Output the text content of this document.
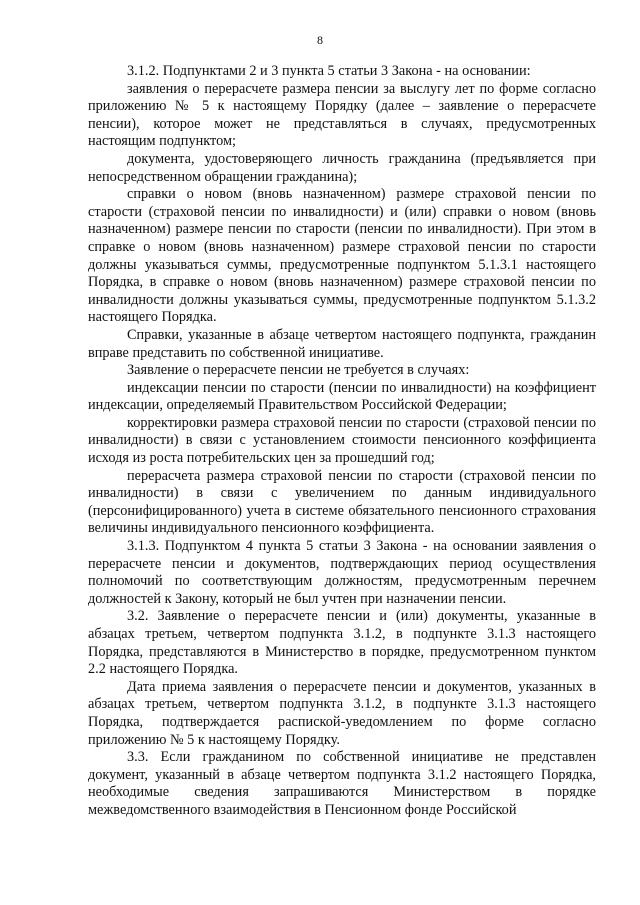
8

3.1.2. Подпунктами 2 и 3 пункта 5 статьи 3 Закона - на основании:

заявления о перерасчете размера пенсии за выслугу лет по форме согласно приложению № 5 к настоящему Порядку (далее – заявление о перерасчете пенсии), которое может не представляться в случаях, предусмотренных настоящим подпунктом;

документа, удостоверяющего личность гражданина (предъявляется при непосредственном обращении гражданина);

справки о новом (вновь назначенном) размере страховой пенсии по старости (страховой пенсии по инвалидности) и (или) справки о новом (вновь назначенном) размере пенсии по старости (пенсии по инвалидности). При этом в справке о новом (вновь назначенном) размере страховой пенсии по старости должны указываться суммы, предусмотренные подпунктом 5.1.3.1 настоящего Порядка, в справке о новом (вновь назначенном) размере страховой пенсии по инвалидности должны указываться суммы, предусмотренные подпунктом 5.1.3.2 настоящего Порядка.

Справки, указанные в абзаце четвертом настоящего подпункта, гражданин вправе представить по собственной инициативе.

Заявление о перерасчете пенсии не требуется в случаях:

индексации пенсии по старости (пенсии по инвалидности) на коэффициент индексации, определяемый Правительством Российской Федерации;

корректировки размера страховой пенсии по старости (страховой пенсии по инвалидности) в связи с установлением стоимости пенсионного коэффициента исходя из роста потребительских цен за прошедший год;

перерасчета размера страховой пенсии по старости (страховой пенсии по инвалидности) в связи с увеличением по данным индивидуального (персонифицированного) учета в системе обязательного пенсионного страхования величины индивидуального пенсионного коэффициента.

3.1.3. Подпунктом 4 пункта 5 статьи 3 Закона - на основании заявления о перерасчете пенсии и документов, подтверждающих период осуществления полномочий по соответствующим должностям, предусмотренным перечнем должностей к Закону, который не был учтен при назначении пенсии.

3.2. Заявление о перерасчете пенсии и (или) документы, указанные в абзацах третьем, четвертом подпункта 3.1.2, в подпункте 3.1.3 настоящего Порядка, представляются в Министерство в порядке, предусмотренном пунктом 2.2 настоящего Порядка.

Дата приема заявления о перерасчете пенсии и документов, указанных в абзацах третьем, четвертом подпункта 3.1.2, в подпункте 3.1.3 настоящего Порядка, подтверждается распиской-уведомлением по форме согласно приложению № 5 к настоящему Порядку.

3.3. Если гражданином по собственной инициативе не представлен документ, указанный в абзаце четвертом подпункта 3.1.2 настоящего Порядка, необходимые сведения запрашиваются Министерством в порядке межведомственного взаимодействия в Пенсионном фонде Российской
